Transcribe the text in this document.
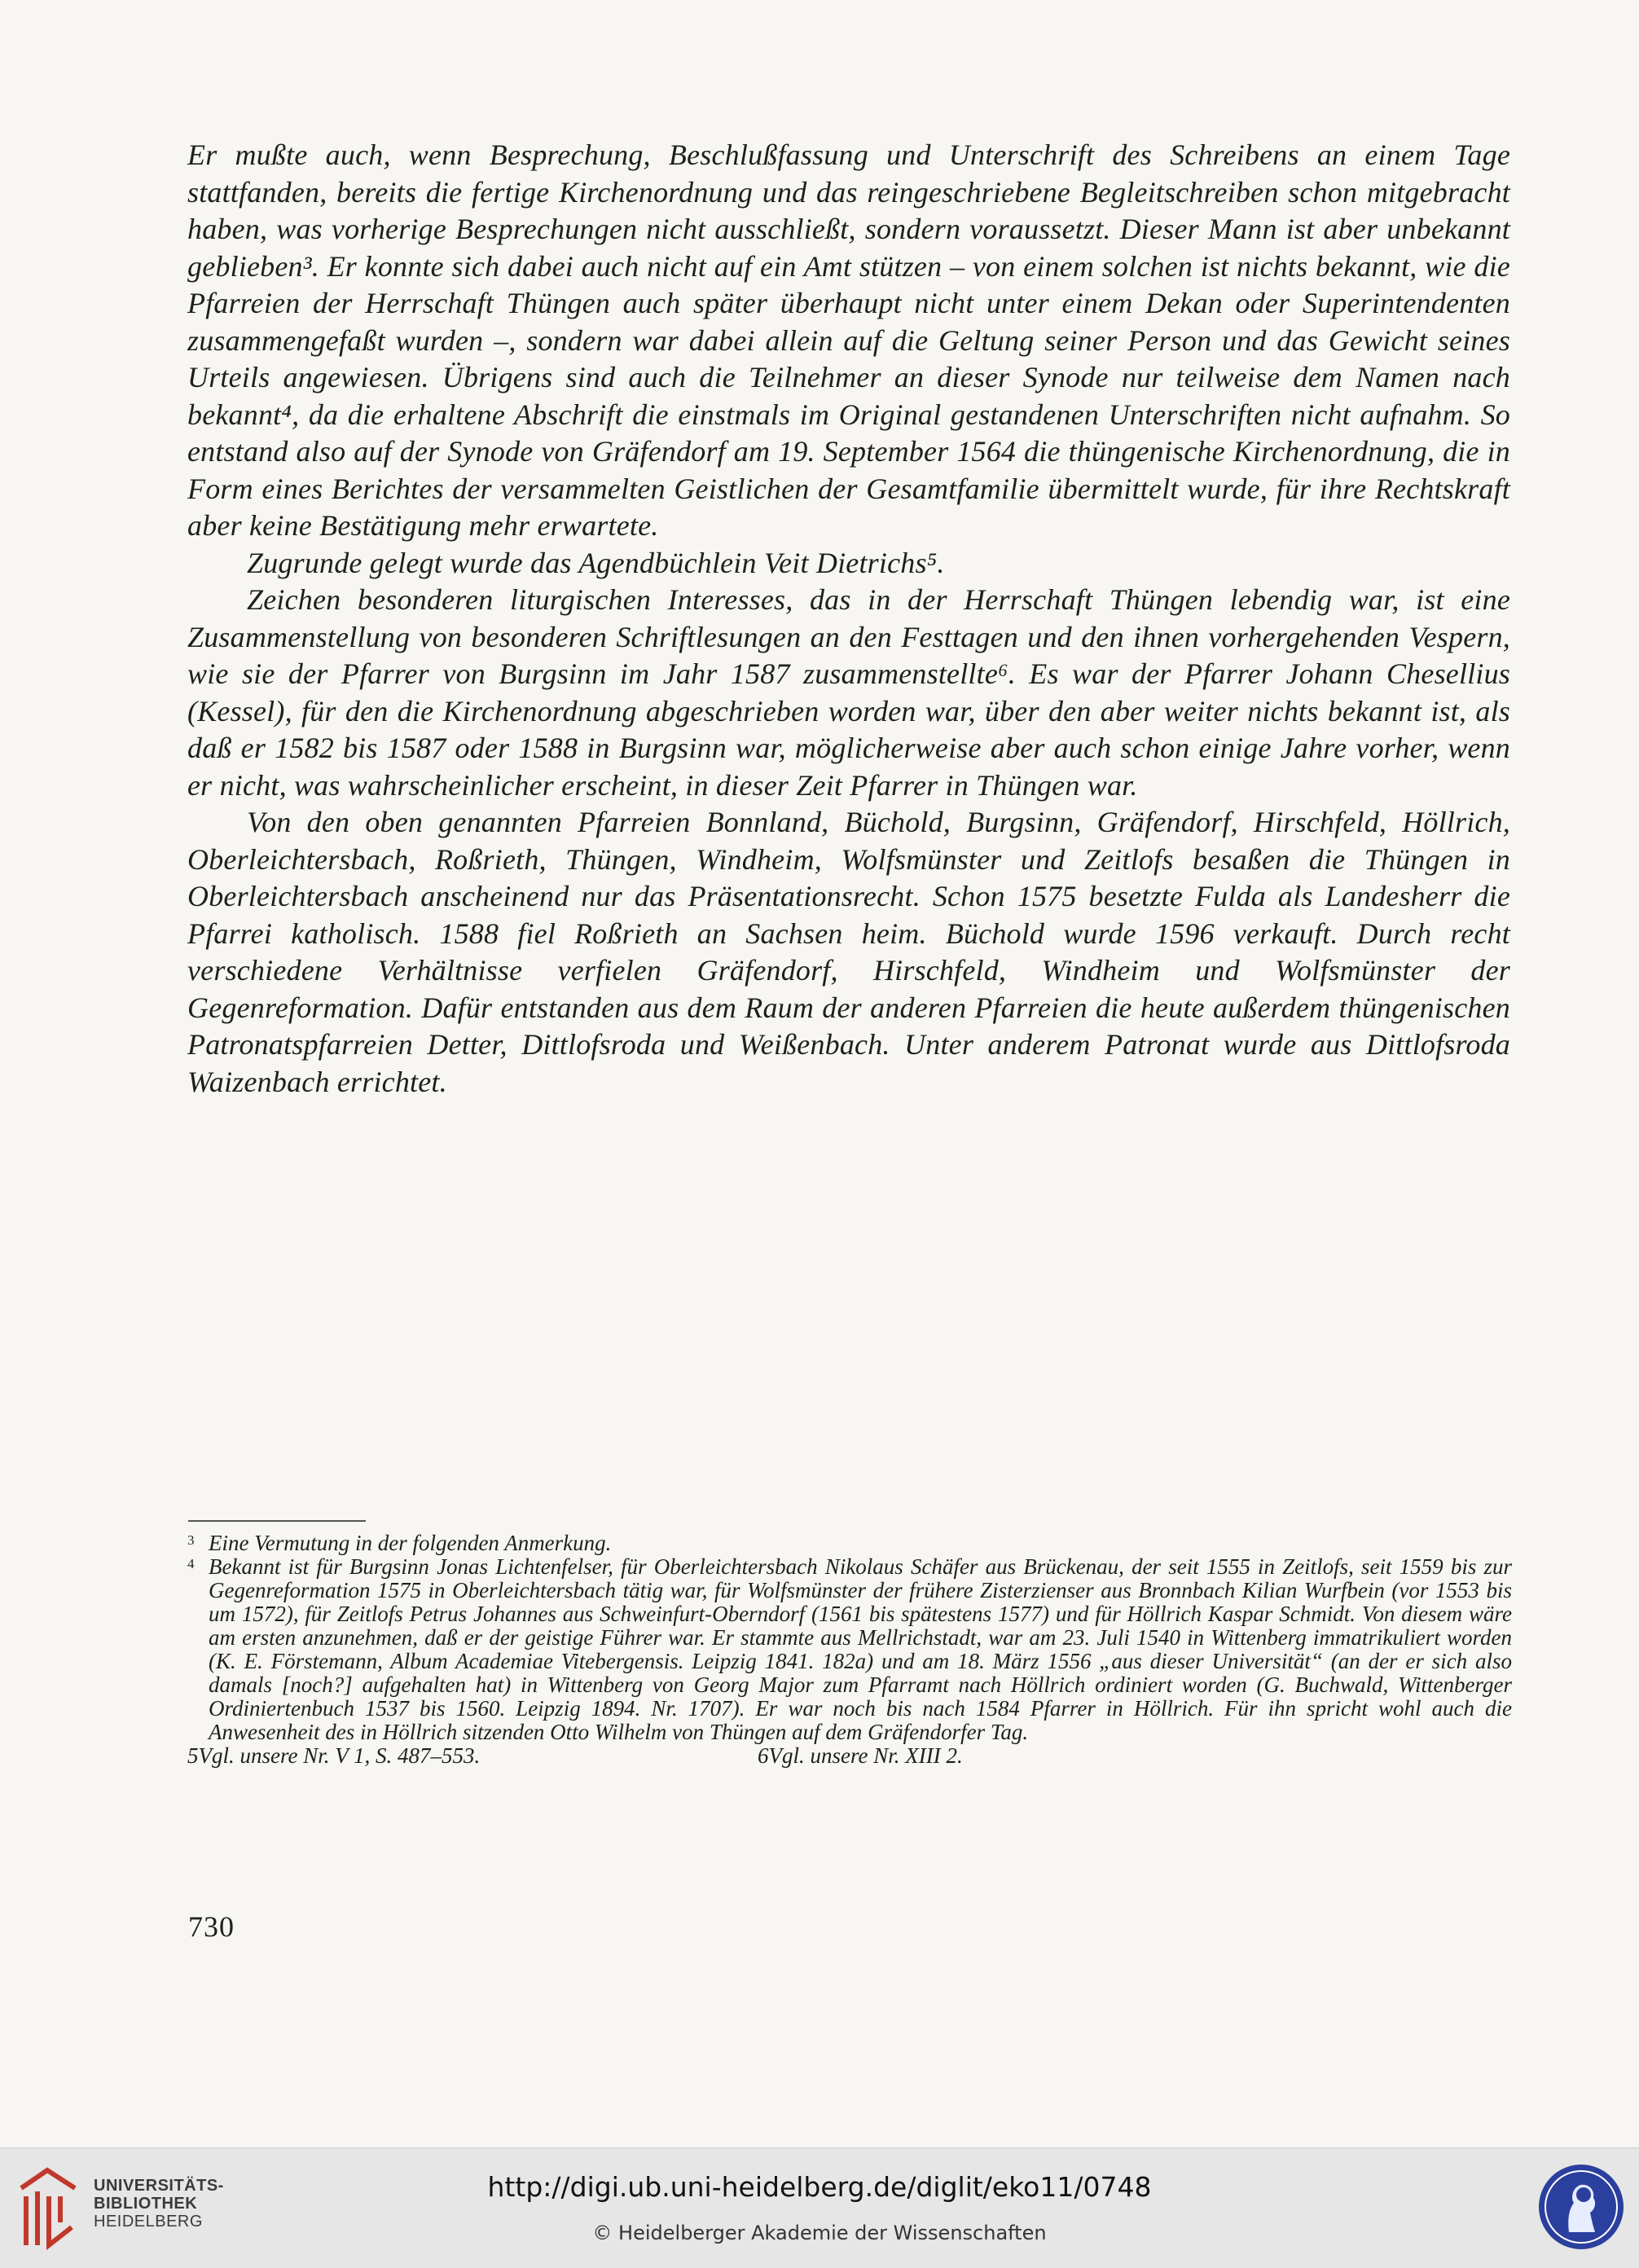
Er mußte auch, wenn Besprechung, Beschlußfassung und Unterschrift des Schreibens an einem Tage stattfanden, bereits die fertige Kirchenordnung und das reingeschriebene Begleitschreiben schon mitgebracht haben, was vorherige Besprechungen nicht ausschließt, sondern voraussetzt. Dieser Mann ist aber unbekannt geblieben³. Er konnte sich dabei auch nicht auf ein Amt stützen – von einem solchen ist nichts bekannt, wie die Pfarreien der Herrschaft Thüngen auch später überhaupt nicht unter einem Dekan oder Superintendenten zusammengefaßt wurden –, sondern war dabei allein auf die Geltung seiner Person und das Gewicht seines Urteils angewiesen. Übrigens sind auch die Teilnehmer an dieser Synode nur teilweise dem Namen nach bekannt⁴, da die erhaltene Abschrift die einstmals im Original gestandenen Unterschriften nicht aufnahm. So entstand also auf der Synode von Gräfendorf am 19. September 1564 die thüngenische Kirchenordnung, die in Form eines Berichtes der versammelten Geistlichen der Gesamtfamilie übermittelt wurde, für ihre Rechtskraft aber keine Bestätigung mehr erwartete.

Zugrunde gelegt wurde das Agendbüchlein Veit Dietrichs⁵.

Zeichen besonderen liturgischen Interesses, das in der Herrschaft Thüngen lebendig war, ist eine Zusammenstellung von besonderen Schriftlesungen an den Festtagen und den ihnen vorhergehenden Vespern, wie sie der Pfarrer von Burgsinn im Jahr 1587 zusammenstellte⁶. Es war der Pfarrer Johann Chesellius (Kessel), für den die Kirchenordnung abgeschrieben worden war, über den aber weiter nichts bekannt ist, als daß er 1582 bis 1587 oder 1588 in Burgsinn war, möglicherweise aber auch schon einige Jahre vorher, wenn er nicht, was wahrscheinlicher erscheint, in dieser Zeit Pfarrer in Thüngen war.

Von den oben genannten Pfarreien Bonnland, Büchold, Burgsinn, Gräfendorf, Hirschfeld, Höllrich, Oberleichtersbach, Roßrieth, Thüngen, Windheim, Wolfsmünster und Zeitlofs besaßen die Thüngen in Oberleichtersbach anscheinend nur das Präsentationsrecht. Schon 1575 besetzte Fulda als Landesherr die Pfarrei katholisch. 1588 fiel Roßrieth an Sachsen heim. Büchold wurde 1596 verkauft. Durch recht verschiedene Verhältnisse verfielen Gräfendorf, Hirschfeld, Windheim und Wolfsmünster der Gegenreformation. Dafür entstanden aus dem Raum der anderen Pfarreien die heute außerdem thüngenischen Patronatspfarreien Detter, Dittlofsroda und Weißenbach. Unter anderem Patronat wurde aus Dittlofsroda Waizenbach errichtet.

3 Eine Vermutung in der folgenden Anmerkung.
4 Bekannt ist für Burgsinn Jonas Lichtenfelser, für Oberleichtersbach Nikolaus Schäfer aus Brückenau, der seit 1555 in Zeitlofs, seit 1559 bis zur Gegenreformation 1575 in Oberleichtersbach tätig war, für Wolfsmünster der frühere Zisterzienser aus Bronnbach Kilian Wurfbein (vor 1553 bis um 1572), für Zeitlofs Petrus Johannes aus Schweinfurt-Oberndorf (1561 bis spätestens 1577) und für Höllrich Kaspar Schmidt. Von diesem wäre am ersten anzunehmen, daß er der geistige Führer war. Er stammte aus Mellrichstadt, war am 23. Juli 1540 in Wittenberg immatrikuliert worden (K. E. Förstemann, Album Academiae Vitebergensis. Leipzig 1841. 182a) und am 18. März 1556 „aus dieser Universität“ (an der er sich also damals [noch?] aufgehalten hat) in Wittenberg von Georg Major zum Pfarramt nach Höllrich ordiniert worden (G. Buchwald, Wittenberger Ordiniertenbuch 1537 bis 1560. Leipzig 1894. Nr. 1707). Er war noch bis nach 1584 Pfarrer in Höllrich. Für ihn spricht wohl auch die Anwesenheit des in Höllrich sitzenden Otto Wilhelm von Thüngen auf dem Gräfendorfer Tag.
5 Vgl. unsere Nr. V 1, S. 487–553.	6 Vgl. unsere Nr. XIII 2.
730
UNIVERSITÄTS-
BIBLIOTHEK
HEIDELBERG
http://digi.ub.uni-heidelberg.de/diglit/eko11/0748
© Heidelberger Akademie der Wissenschaften
